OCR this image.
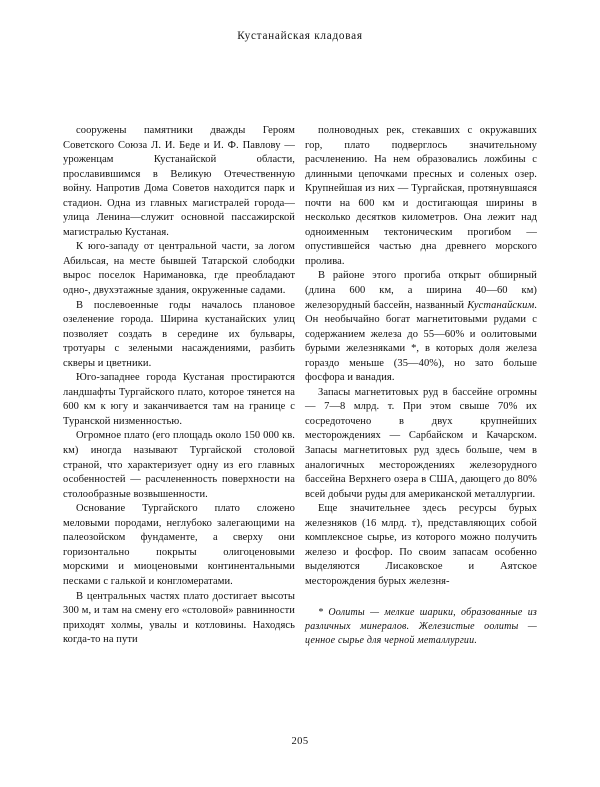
Кустанайская кладовая

сооружены памятники дважды Героям Советского Союза Л. И. Беде и И. Ф. Павлову — уроженцам Кустанайской области, прославившимся в Великую Отечественную войну. Напротив Дома Советов находится парк и стадион. Одна из главных магистралей города—улица Ленина—служит основной пассажирской магистралью Кустаная.

К юго-западу от центральной части, за логом Абильсая, на месте бывшей Татарской слободки вырос поселок Наримановка, где преобладают одно-, двухэтажные здания, окруженные садами.

В послевоенные годы началось плановое озеленение города. Ширина кустанайских улиц позволяет создать в середине их бульвары, тротуары с зелеными насаждениями, разбить скверы и цветники.

Юго-западнее города Кустаная простираются ландшафты Тургайского плато, которое тянется на 600 км к югу и заканчивается там на границе с Туранской низменностью.

Огромное плато (его площадь около 150 000 кв. км) иногда называют Тургайской столовой страной, что характеризует одну из его главных особенностей — расчлененность поверхности на столообразные возвышенности.

Основание Тургайского плато сложено меловыми породами, неглубоко залегающими на палеозойском фундаменте, а сверху они горизонтально покрыты олигоценовыми морскими и миоценовыми континентальными песками с галькой и конгломератами.

В центральных частях плато достигает высоты 300 м, и там на смену его «столовой» равнинности приходят холмы, увалы и котловины. Находясь когда-то на пути

полноводных рек, стекавших с окружавших гор, плато подверглось значительному расчленению. На нем образовались ложбины с длинными цепочками пресных и соленых озер. Крупнейшая из них — Тургайская, протянувшаяся почти на 600 км и достигающая ширины в несколько десятков километров. Она лежит над одноименным тектоническим прогибом — опустившейся частью дна древнего морского пролива.

В районе этого прогиба открыт обширный (длина 600 км, а ширина 40—60 км) железорудный бассейн, названный Кустанайским. Он необычайно богат магнетитовыми рудами с содержанием железа до 55—60% и оолитовыми бурыми железняками *, в которых доля железа гораздо меньше (35—40%), но зато больше фосфора и ванадия.

Запасы магнетитовых руд в бассейне огромны — 7—8 млрд. т. При этом свыше 70% их сосредоточено в двух крупнейших месторождениях — Сарбайском и Качарском. Запасы магнетитовых руд здесь больше, чем в аналогичных месторождениях железорудного бассейна Верхнего озера в США, дающего до 80% всей добычи руды для американской металлургии.

Еще значительнее здесь ресурсы бурых железняков (16 млрд. т), представляющих собой комплексное сырье, из которого можно получить железо и фосфор. По своим запасам особенно выделяются Лисаковское и Аятское месторождения бурых железня-

* Оолиты — мелкие шарики, образованные из различных минералов. Железистые оолиты — ценное сырье для черной металлургии.

205
